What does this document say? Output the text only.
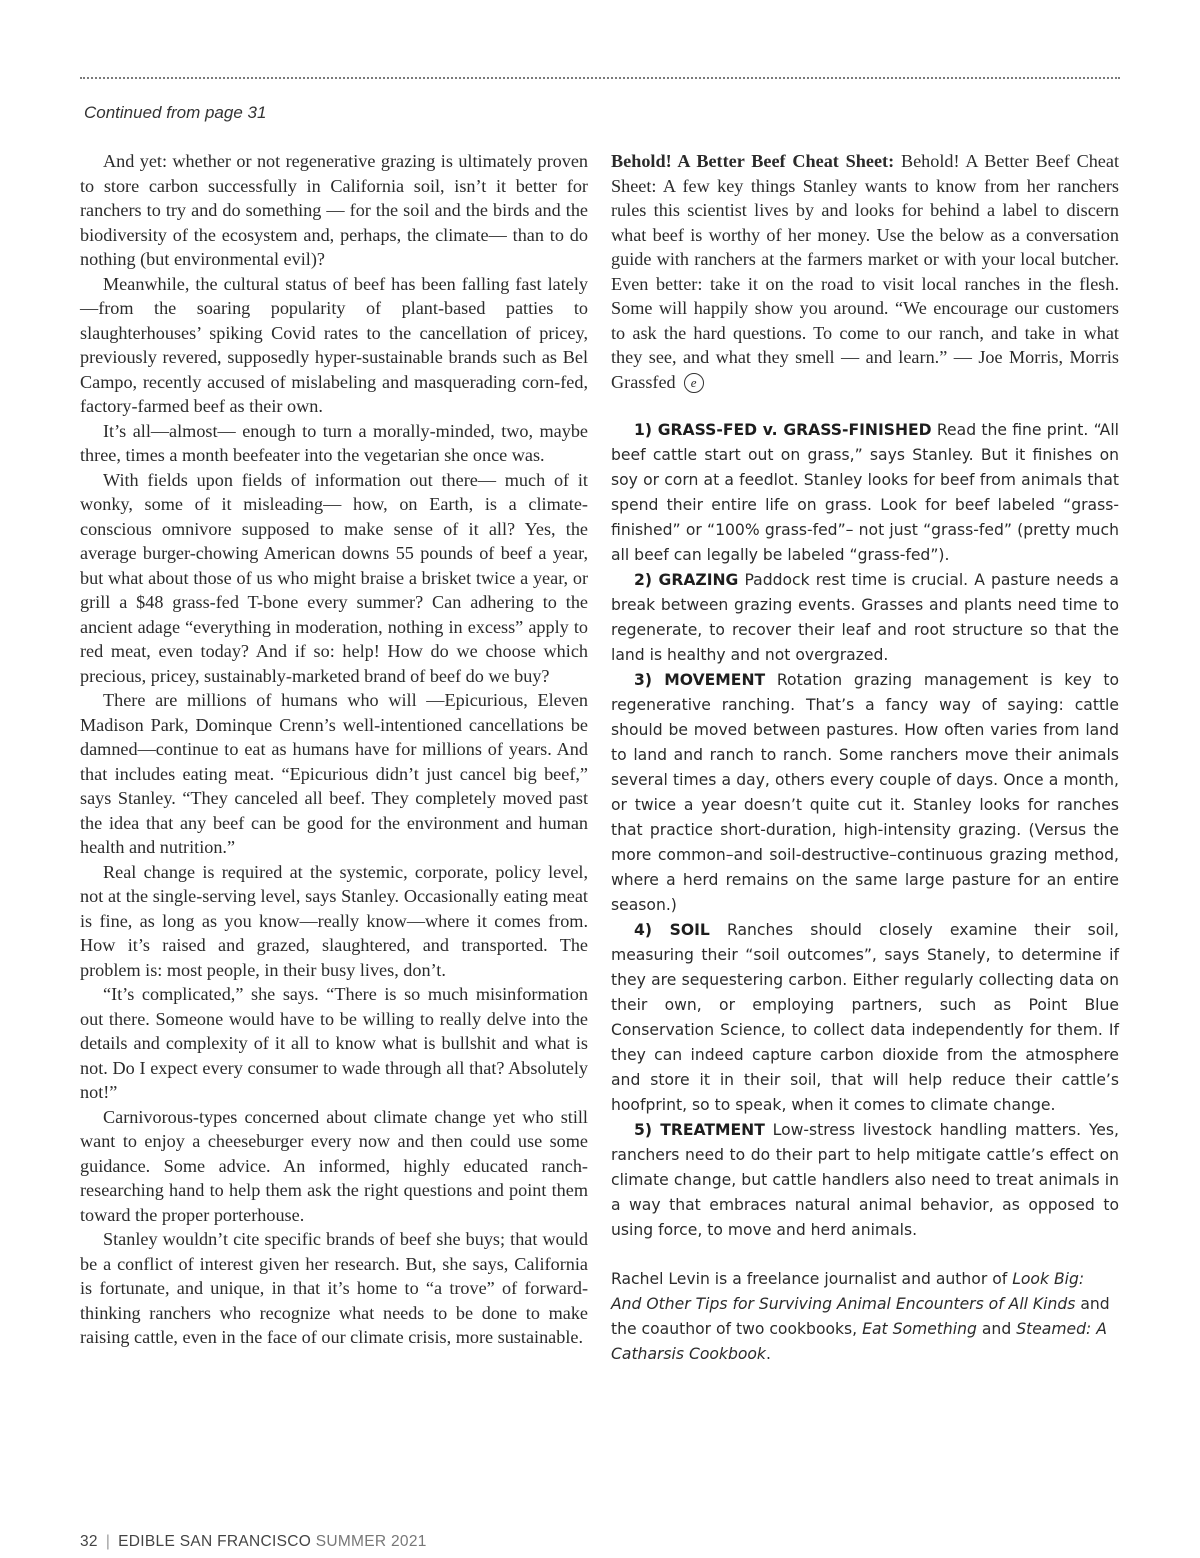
Continued from page 31

And yet: whether or not regenerative grazing is ultimately proven to store carbon successfully in California soil, isn’t it better for ranchers to try and do something — for the soil and the birds and the biodiversity of the ecosystem and, perhaps, the climate— than to do nothing (but environmental evil)?

Meanwhile, the cultural status of beef has been falling fast lately—from the soaring popularity of plant-based patties to slaughterhouses’ spiking Covid rates to the cancellation of pricey, previously revered, supposedly hyper-sustainable brands such as Bel Campo, recently accused of mislabeling and masquerading corn-fed, factory-farmed beef as their own.

It’s all—almost— enough to turn a morally-minded, two, maybe three, times a month beefeater into the vegetarian she once was.

With fields upon fields of information out there— much of it wonky, some of it misleading— how, on Earth, is a climate-conscious omnivore supposed to make sense of it all? Yes, the average burger-chowing American downs 55 pounds of beef a year, but what about those of us who might braise a brisket twice a year, or grill a $48 grass-fed T-bone every summer? Can adhering to the ancient adage “everything in moderation, nothing in excess” apply to red meat, even today? And if so: help! How do we choose which precious, pricey, sustainably-marketed brand of beef do we buy?

There are millions of humans who will —Epicurious, Eleven Madison Park, Dominque Crenn’s well-intentioned cancellations be damned—continue to eat as humans have for millions of years. And that includes eating meat. “Epicurious didn’t just cancel big beef,” says Stanley. “They canceled all beef. They completely moved past the idea that any beef can be good for the environment and human health and nutrition.”

Real change is required at the systemic, corporate, policy level, not at the single-serving level, says Stanley. Occasionally eating meat is fine, as long as you know—really know—where it comes from. How it’s raised and grazed, slaughtered, and transported. The problem is: most people, in their busy lives, don’t.

“It’s complicated,” she says. “There is so much misinformation out there. Someone would have to be willing to really delve into the details and complexity of it all to know what is bullshit and what is not. Do I expect every consumer to wade through all that? Absolutely not!”

Carnivorous-types concerned about climate change yet who still want to enjoy a cheeseburger every now and then could use some guidance. Some advice. An informed, highly educated ranch-researching hand to help them ask the right questions and point them toward the proper porterhouse.

Stanley wouldn’t cite specific brands of beef she buys; that would be a conflict of interest given her research. But, she says, California is fortunate, and unique, in that it’s home to “a trove” of forward-thinking ranchers who recognize what needs to be done to make raising cattle, even in the face of our climate crisis, more sustainable.

Behold! A Better Beef Cheat Sheet: Behold! A Better Beef Cheat Sheet: A few key things Stanley wants to know from her ranchers rules this scientist lives by and looks for behind a label to discern what beef is worthy of her money. Use the below as a conversation guide with ranchers at the farmers market or with your local butcher. Even better: take it on the road to visit local ranches in the flesh. Some will happily show you around. “We encourage our customers to ask the hard questions. To come to our ranch, and take in what they see, and what they smell — and learn.” — Joe Morris, Morris Grassfed e

1) GRASS-FED v. GRASS-FINISHED Read the fine print. “All beef cattle start out on grass,” says Stanley. But it finishes on soy or corn at a feedlot. Stanley looks for beef from animals that spend their entire life on grass. Look for beef labeled “grass-finished” or “100% grass-fed”– not just “grass-fed” (pretty much all beef can legally be labeled “grass-fed”).

2) GRAZING Paddock rest time is crucial. A pasture needs a break between grazing events. Grasses and plants need time to regenerate, to recover their leaf and root structure so that the land is healthy and not overgrazed.

3) MOVEMENT Rotation grazing management is key to regenerative ranching. That’s a fancy way of saying: cattle should be moved between pastures. How often varies from land to land and ranch to ranch. Some ranchers move their animals several times a day, others every couple of days. Once a month, or twice a year doesn’t quite cut it. Stanley looks for ranches that practice short-duration, high-intensity grazing. (Versus the more common–and soil-destructive–continuous grazing method, where a herd remains on the same large pasture for an entire season.)

4) SOIL Ranches should closely examine their soil, measuring their “soil outcomes”, says Stanely, to determine if they are sequestering carbon. Either regularly collecting data on their own, or employing partners, such as Point Blue Conservation Science, to collect data independently for them. If they can indeed capture carbon dioxide from the atmosphere and store it in their soil, that will help reduce their cattle’s hoofprint, so to speak, when it comes to climate change.

5) TREATMENT Low-stress livestock handling matters. Yes, ranchers need to do their part to help mitigate cattle’s effect on climate change, but cattle handlers also need to treat animals in a way that embraces natural animal behavior, as opposed to using force, to move and herd animals.

Rachel Levin is a freelance journalist and author of Look Big: And Other Tips for Surviving Animal Encounters of All Kinds and the coauthor of two cookbooks, Eat Something and Steamed: A Catharsis Cookbook.
32 | EDIBLE SAN FRANCISCO SUMMER 2021
